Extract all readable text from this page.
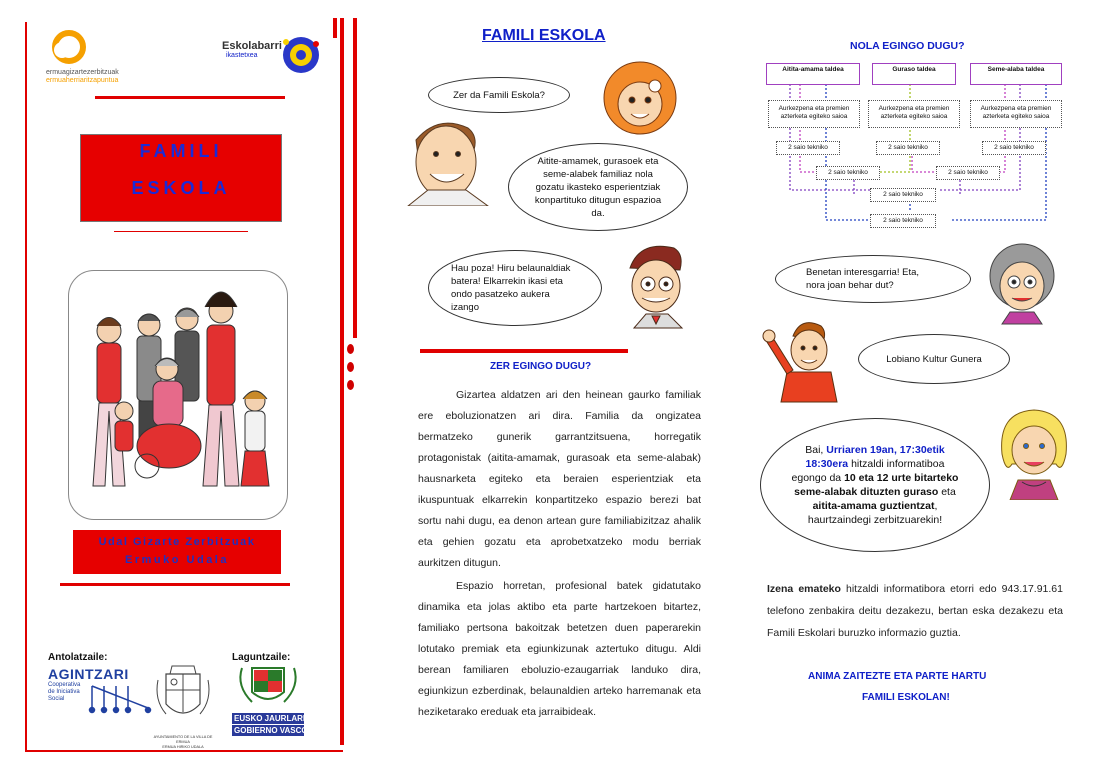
ermuagizartezerbitzuak
ermuaherriaritzapuntua
Eskolabarri
ikastetxea
FAMILI
ESKOLA
Udal Gizarte Zerbitzuak
Ermuko Udala
Antolatzaile:	Laguntzaile:
AGINTZARI
Cooperativa de Iniciativa Social
AYUNTAMIENTO DE LA VILLA DE ERMUA
ERMUA HIRIKO UDALA
EUSKO JAURLARITZA
GOBIERNO VASCO
FAMILI ESKOLA
Zer da Famili Eskola?
Aitite-amamek, gurasoek eta seme-alabek familiaz nola gozatu ikasteko esperientziak konpartituko ditugun espazioa da.
Hau poza! Hiru belaunaldiak batera! Elkarrekin ikasi eta ondo pasatzeko aukera izango
ZER EGINGO DUGU?
Gizartea aldatzen ari den heinean gaurko familiak ere eboluzionatzen ari dira. Familia da ongizatea bermatzeko gunerik garrantzitsuena, horregatik protagonistak (aitita-amamak, gurasoak eta seme-alabak) hausnarketa egiteko eta beraien esperientziak eta ikuspuntuak elkarrekin konpartitzeko espazio berezi bat sortu nahi dugu, ea denon artean gure familiabizitzaz ahalik eta gehien gozatu eta aprobetxatzeko modu berriak aurkitzen ditugun.
Espazio horretan, profesional batek gidatutako dinamika eta jolas aktibo eta parte hartzekoen bitartez, familiako pertsona bakoitzak betetzen duen paperarekin lotutako premiak eta egiunkizunak aztertuko ditugu. Aldi berean familiaren eboluzio-ezaugarriak landuko dira, egiunkizun ezberdinak, belaunaldien arteko harremanak eta heziketarako ereduak eta jarraibideak.
NOLA EGINGO DUGU?
Aitita-amama taldea	Guraso taldea	Seme-alaba taldea
Aurkezpena eta premien azterketa egiteko saioa
Aurkezpena eta premien azterketa egiteko saioa
Aurkezpena eta premien azterketa egiteko saioa
2 saio tekniko	2 saio tekniko	2 saio tekniko
2 saio tekniko	2 saio tekniko
2 saio tekniko
2 saio tekniko
Benetan interesgarria! Eta, nora joan behar dut?
Lobiano Kultur Gunera
Bai, Urriaren 19an, 17:30etik 18:30era hitzaldi informatiboa egongo da 10 eta 12 urte bitarteko seme-alabak dituzten guraso eta aitita-amama guztientzat, haurtzaindegi zerbitzuarekin!
Izena emateko hitzaldi informatibora etorri edo 943.17.91.61 telefono zenbakira deitu dezakezu, bertan eska dezakezu eta Famili Eskolari buruzko informazio guztia.
ANIMA ZAITEZTE ETA PARTE HARTU
FAMILI ESKOLAN!
